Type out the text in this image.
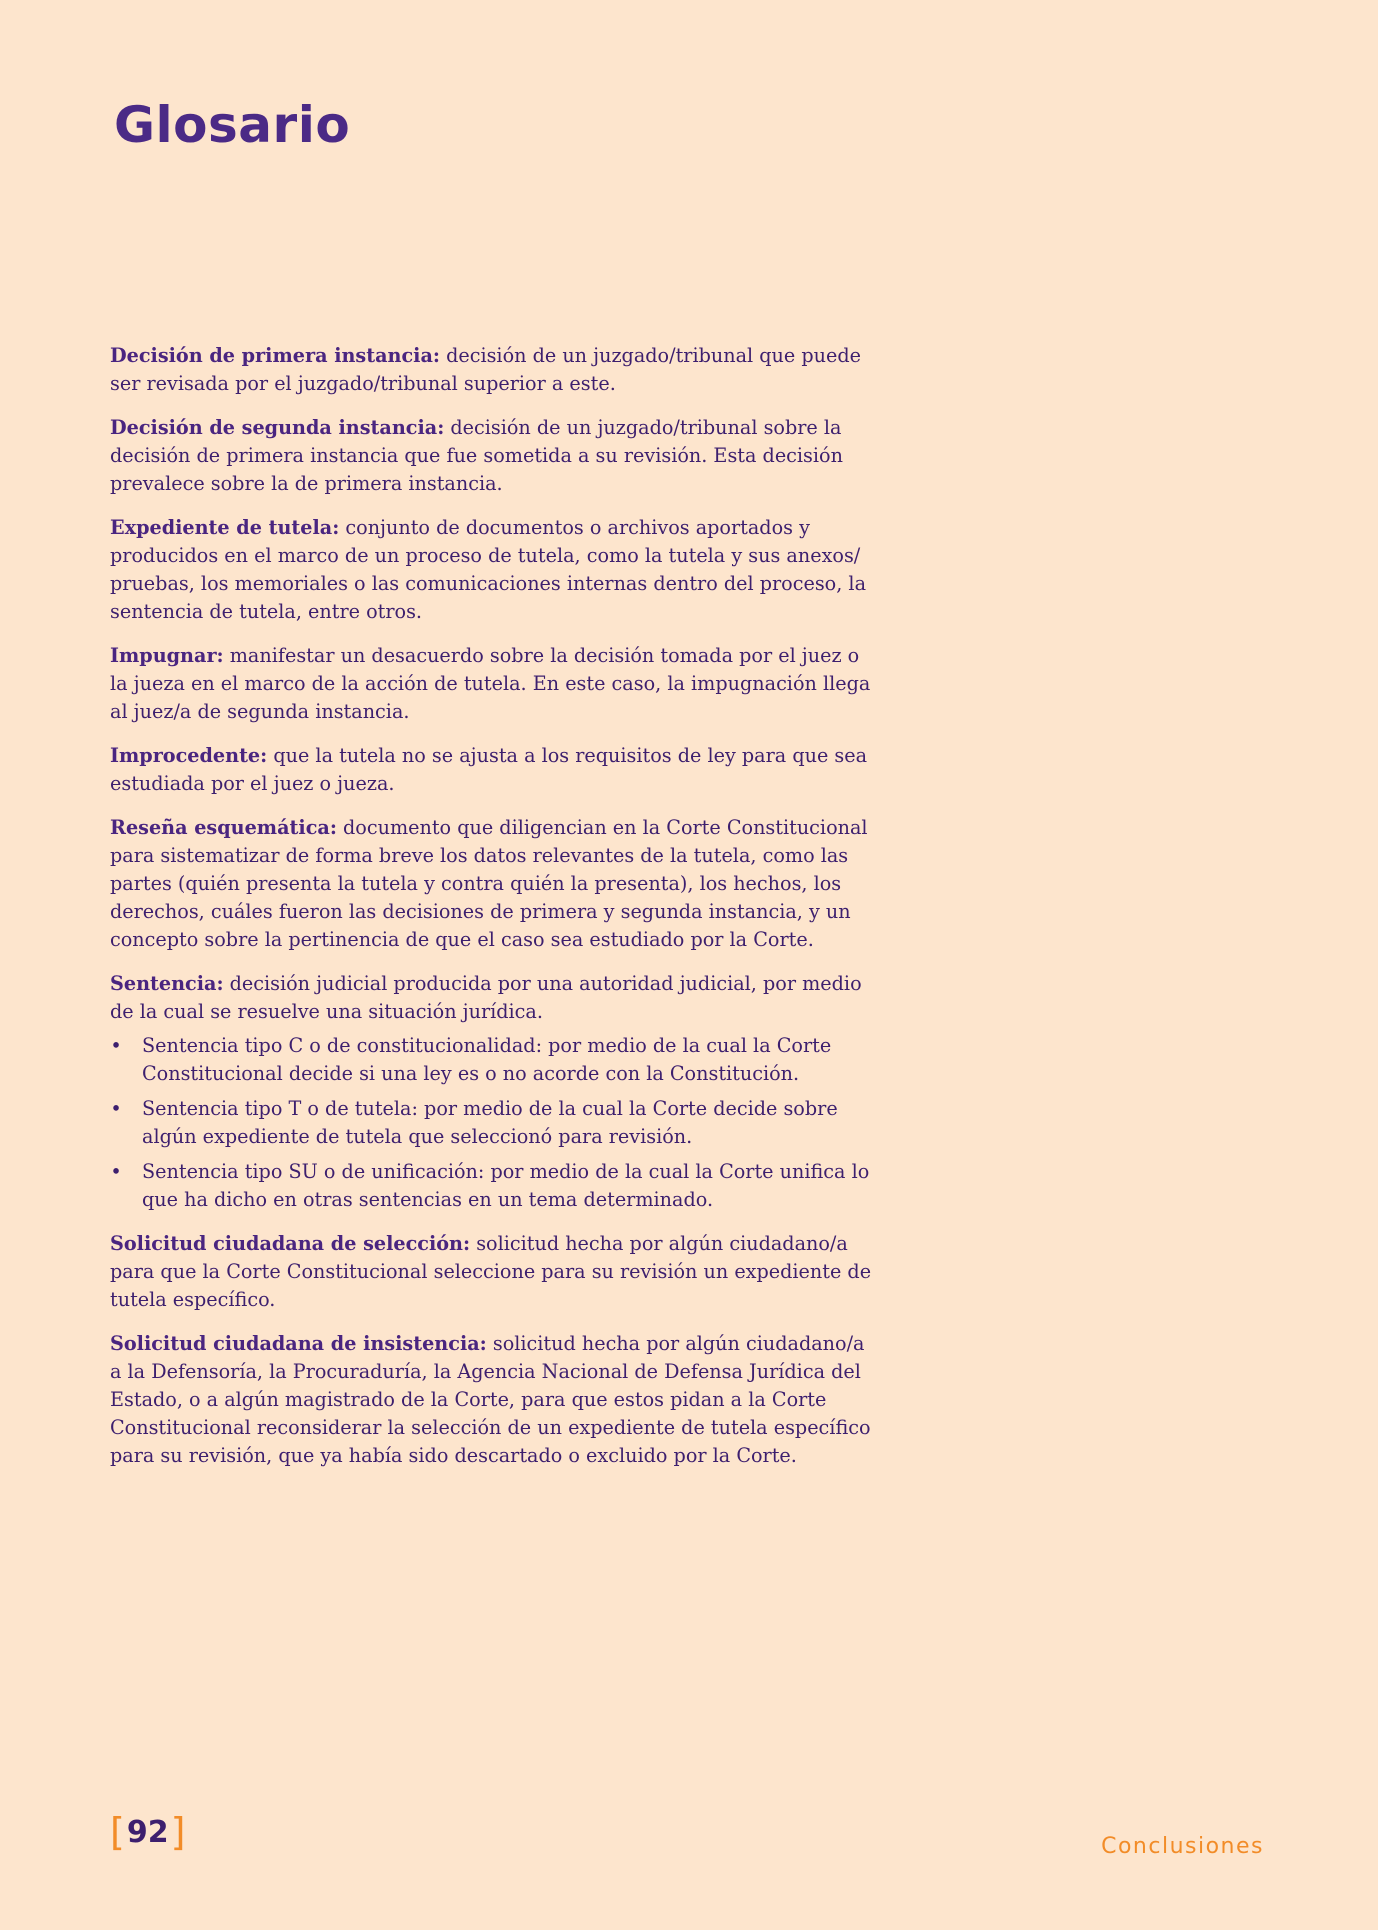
Glosario

Decisión de primera instancia: decisión de un juzgado/tribunal que puede ser revisada por el juzgado/tribunal superior a este.

Decisión de segunda instancia: decisión de un juzgado/tribunal sobre la decisión de primera instancia que fue sometida a su revisión. Esta decisión prevalece sobre la de primera instancia.

Expediente de tutela: conjunto de documentos o archivos aportados y producidos en el marco de un proceso de tutela, como la tutela y sus anexos/ pruebas, los memoriales o las comunicaciones internas dentro del proceso, la sentencia de tutela, entre otros.

Impugnar: manifestar un desacuerdo sobre la decisión tomada por el juez o la jueza en el marco de la acción de tutela. En este caso, la impugnación llega al juez/a de segunda instancia.

Improcedente: que la tutela no se ajusta a los requisitos de ley para que sea estudiada por el juez o jueza.

Reseña esquemática: documento que diligencian en la Corte Constitucional para sistematizar de forma breve los datos relevantes de la tutela, como las partes (quién presenta la tutela y contra quién la presenta), los hechos, los derechos, cuáles fueron las decisiones de primera y segunda instancia, y un concepto sobre la pertinencia de que el caso sea estudiado por la Corte.

Sentencia: decisión judicial producida por una autoridad judicial, por medio de la cual se resuelve una situación jurídica.

• Sentencia tipo C o de constitucionalidad: por medio de la cual la Corte Constitucional decide si una ley es o no acorde con la Constitución.
• Sentencia tipo T o de tutela: por medio de la cual la Corte decide sobre algún expediente de tutela que seleccionó para revisión.
• Sentencia tipo SU o de unificación: por medio de la cual la Corte unifica lo que ha dicho en otras sentencias en un tema determinado.

Solicitud ciudadana de selección: solicitud hecha por algún ciudadano/a para que la Corte Constitucional seleccione para su revisión un expediente de tutela específico.

Solicitud ciudadana de insistencia: solicitud hecha por algún ciudadano/a a la Defensoría, la Procuraduría, la Agencia Nacional de Defensa Jurídica del Estado, o a algún magistrado de la Corte, para que estos pidan a la Corte Constitucional reconsiderar la selección de un expediente de tutela específico para su revisión, que ya había sido descartado o excluido por la Corte.

[ 92 ]	Conclusiones
